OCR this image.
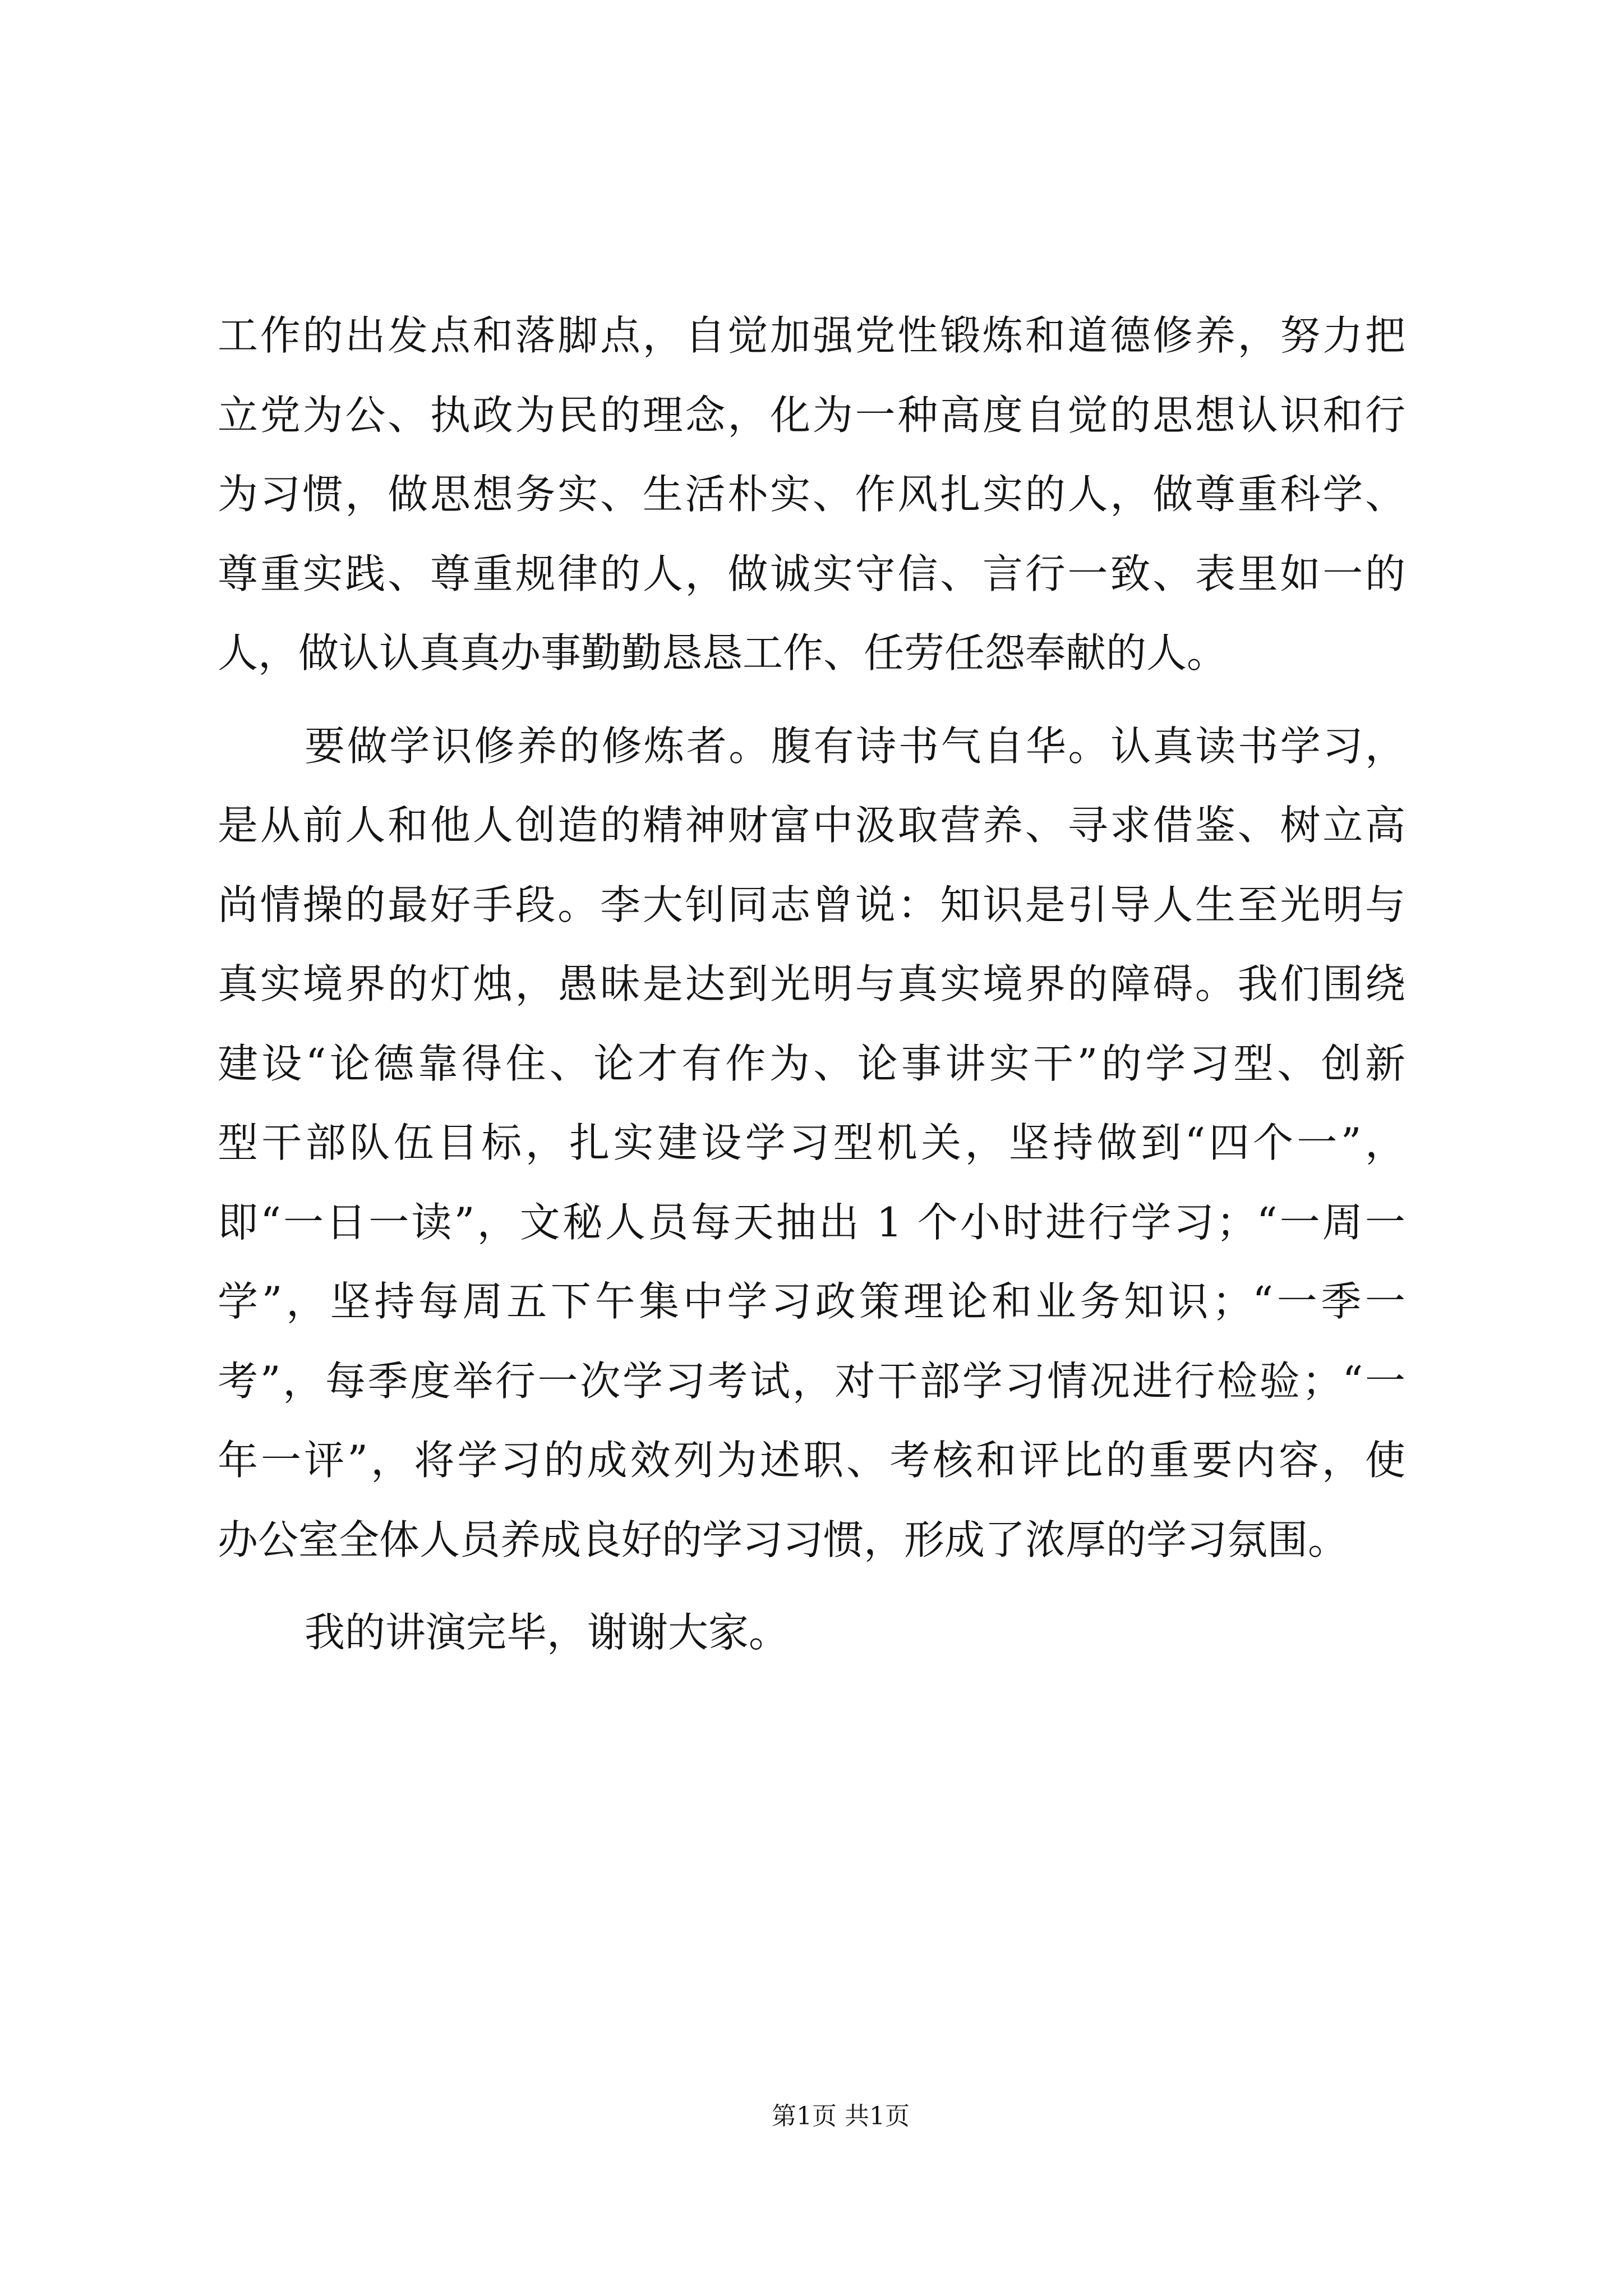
工作的出发点和落脚点，自觉加强党性锻炼和道德修养，努力把
立党为公、执政为民的理念，化为一种高度自觉的思想认识和行
为习惯，做思想务实、生活朴实、作风扎实的人，做尊重科学、
尊重实践、尊重规律的人，做诚实守信、言行一致、表里如一的
人，做认认真真办事勤勤恳恳工作、任劳任怨奉献的人。
要做学识修养的修炼者。腹有诗书气自华。认真读书学习，
是从前人和他人创造的精神财富中汲取营养、寻求借鉴、树立高
尚情操的最好手段。李大钊同志曾说：知识是引导人生至光明与
真实境界的灯烛，愚昧是达到光明与真实境界的障碍。我们围绕
建设“论德靠得住、论才有作为、论事讲实干”的学习型、创新
型干部队伍目标，扎实建设学习型机关，坚持做到“四个一”，
即“一日一读”，文秘人员每天抽出 1 个小时进行学习；“一周一
学”，坚持每周五下午集中学习政策理论和业务知识；“一季一
考”，每季度举行一次学习考试，对干部学习情况进行检验；“一
年一评”，将学习的成效列为述职、考核和评比的重要内容，使
办公室全体人员养成良好的学习习惯，形成了浓厚的学习氛围。
我的讲演完毕，谢谢大家。
第1页 共1页
